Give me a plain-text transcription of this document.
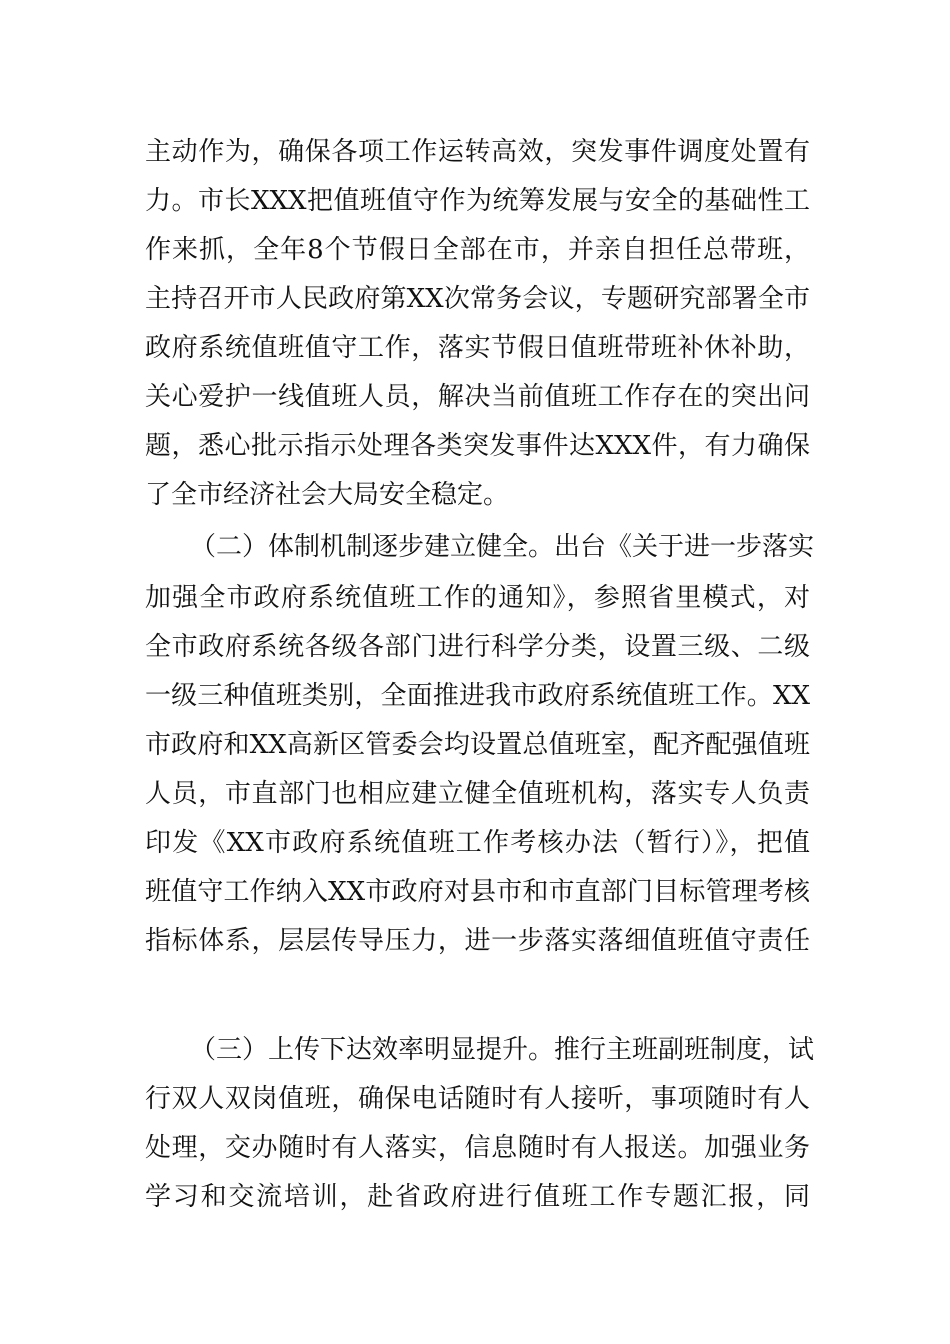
主动作为，确保各项工作运转高效，突发事件调度处置有
力。市长XXX把值班值守作为统筹发展与安全的基础性工
作来抓，全年8个节假日全部在市，并亲自担任总带班，
主持召开市人民政府第XX次常务会议，专题研究部署全市
政府系统值班值守工作，落实节假日值班带班补休补助，
关心爱护一线值班人员，解决当前值班工作存在的突出问
题，悉心批示指示处理各类突发事件达XXX件，有力确保
了全市经济社会大局安全稳定。
（二）体制机制逐步建立健全。出台《关于进一步落实
加强全市政府系统值班工作的通知》，参照省里模式，对
全市政府系统各级各部门进行科学分类，设置三级、二级
一级三种值班类别，全面推进我市政府系统值班工作。XX
市政府和XX高新区管委会均设置总值班室，配齐配强值班
人员，市直部门也相应建立健全值班机构，落实专人负责
印发《XX市政府系统值班工作考核办法（暂行）》，把值
班值守工作纳入XX市政府对县市和市直部门目标管理考核
指标体系，层层传导压力，进一步落实落细值班值守责任
（三）上传下达效率明显提升。推行主班副班制度，试
行双人双岗值班，确保电话随时有人接听，事项随时有人
处理，交办随时有人落实，信息随时有人报送。加强业务
学习和交流培训，赴省政府进行值班工作专题汇报，同
